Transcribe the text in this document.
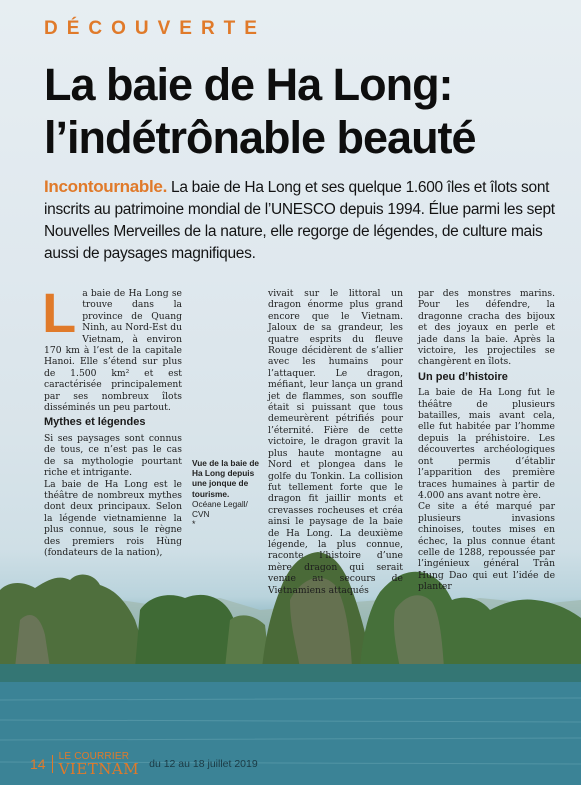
DÉCOUVERTE
La baie de Ha Long:
l’indétrônable beauté

Incontournable. La baie de Ha Long et ses quelque 1.600 îles et îlots sont inscrits au patrimoine mondial de l’UNESCO depuis 1994. Élue parmi les sept Nouvelles Merveilles de la nature, elle regorge de légendes, de culture mais aussi de paysages magnifiques.

La baie de Ha Long se trouve dans la province de Quang Ninh, au Nord-Est du Vietnam, à environ 170 km à l’est de la capitale Hanoi. Elle s’étend sur plus de 1.500 km² et est caractérisée principalement par ses nombreux îlots disséminés un peu partout.

Mythes et légendes

Si ses paysages sont connus de tous, ce n’est pas le cas de sa mythologie pourtant riche et intrigante.

La baie de Ha Long est le théâtre de nombreux mythes dont deux principaux. Selon la légende vietnamienne la plus connue, sous le règne des premiers rois Hùng (fondateurs de la nation),

Vue de la baie de Ha Long depuis une jonque de tourisme.
Océane Legall/ CVN
*

vivait sur le littoral un dragon énorme plus grand encore que le Vietnam. Jaloux de sa grandeur, les quatre esprits du fleuve Rouge décidèrent de s’allier avec les humains pour l’attaquer. Le dragon, méfiant, leur lança un grand jet de flammes, son souffle était si puissant que tous demeurèrent pétrifiés pour l’éternité. Fière de cette victoire, le dragon gravit la plus haute montagne au Nord et plongea dans le golfe du Tonkin. La collision fut tellement forte que le dragon fit jaillir monts et crevasses rocheuses et créa ainsi le paysage de la baie de Ha Long. La deuxième légende, la plus connue, raconte l’histoire d’une mère dragon qui serait venue au secours de Vietnamiens attaqués

par des monstres marins. Pour les défendre, la dragonne cracha des bijoux et des joyaux en perle et jade dans la baie. Après la victoire, les projectiles se changèrent en îlots.

Un peu d’histoire

La baie de Ha Long fut le théâtre de plusieurs batailles, mais avant cela, elle fut habitée par l’homme depuis la préhistoire. Les découvertes archéologiques ont permis d’établir l’apparition des première traces humaines à partir de 4.000 ans avant notre ère.

Ce site a été marqué par plusieurs invasions chinoises, toutes mises en échec, la plus connue étant celle de 1288, repoussée par l’ingénieux général Trân Hung Dao qui eut l’idée de planter

14 LE COURRIER
VIETNAM du 12 au 18 juillet 2019
